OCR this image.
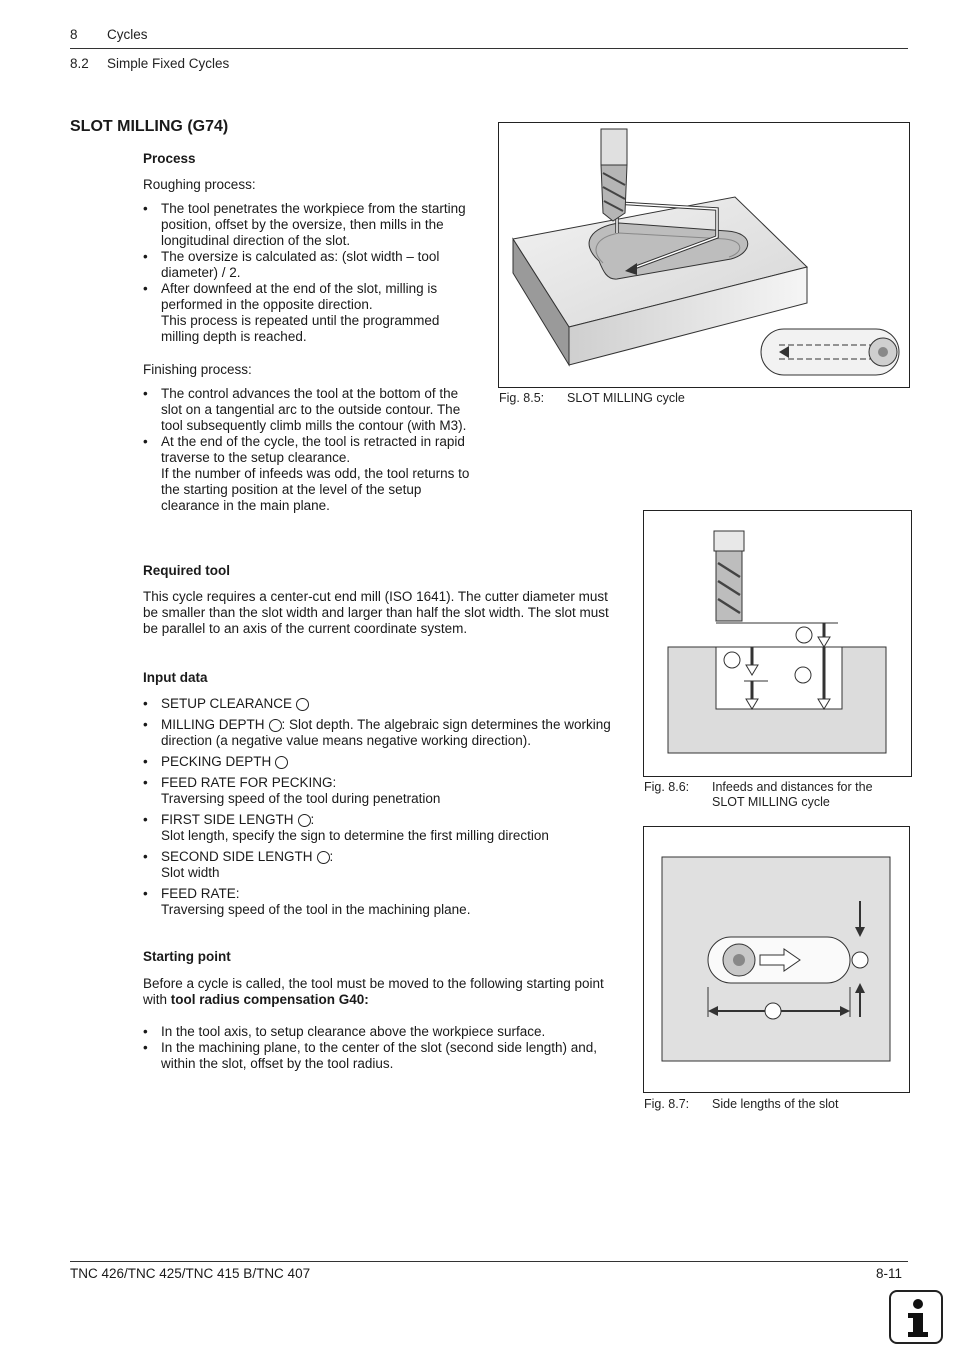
8 Cycles
8.2 Simple Fixed Cycles
SLOT MILLING (G74)

Process

Roughing process:

• The tool penetrates the workpiece from the starting position, offset by the oversize, then mills in the longitudinal direction of the slot.
• The oversize is calculated as: (slot width – tool diameter) / 2.
• After downfeed at the end of the slot, milling is performed in the opposite direction.
This process is repeated until the programmed milling depth is reached.

Finishing process:

• The control advances the tool at the bottom of the slot on a tangential arc to the outside contour. The tool subsequently climb mills the contour (with M3).
• At the end of the cycle, the tool is retracted in rapid traverse to the setup clearance.
If the number of infeeds was odd, the tool returns to the starting position at the level of the setup clearance in the main plane.

Required tool

This cycle requires a center-cut end mill (ISO 1641). The cutter diameter must be smaller than the slot width and larger than half the slot width. The slot must be parallel to an axis of the current coordinate system.

Input data

• SETUP CLEARANCE
• MILLING DEPTH : Slot depth. The algebraic sign determines the working direction (a negative value means negative working direction).
• PECKING DEPTH
• FEED RATE FOR PECKING:
Traversing speed of the tool during penetration
• FIRST SIDE LENGTH :
Slot length, specify the sign to determine the first milling direction
• SECOND SIDE LENGTH :
Slot width
• FEED RATE:
Traversing speed of the tool in the machining plane.

Starting point

Before a cycle is called, the tool must be moved to the following starting point with tool radius compensation G40:

• In the tool axis, to setup clearance above the workpiece surface.
• In the machining plane, to the center of the slot (second side length) and, within the slot, offset by the tool radius.
Fig. 8.5: SLOT MILLING cycle
Fig. 8.6: Infeeds and distances for the
SLOT MILLING cycle
Fig. 8.7: Side lengths of the slot
TNC 426/TNC 425/TNC 415 B/TNC 407	8-11
